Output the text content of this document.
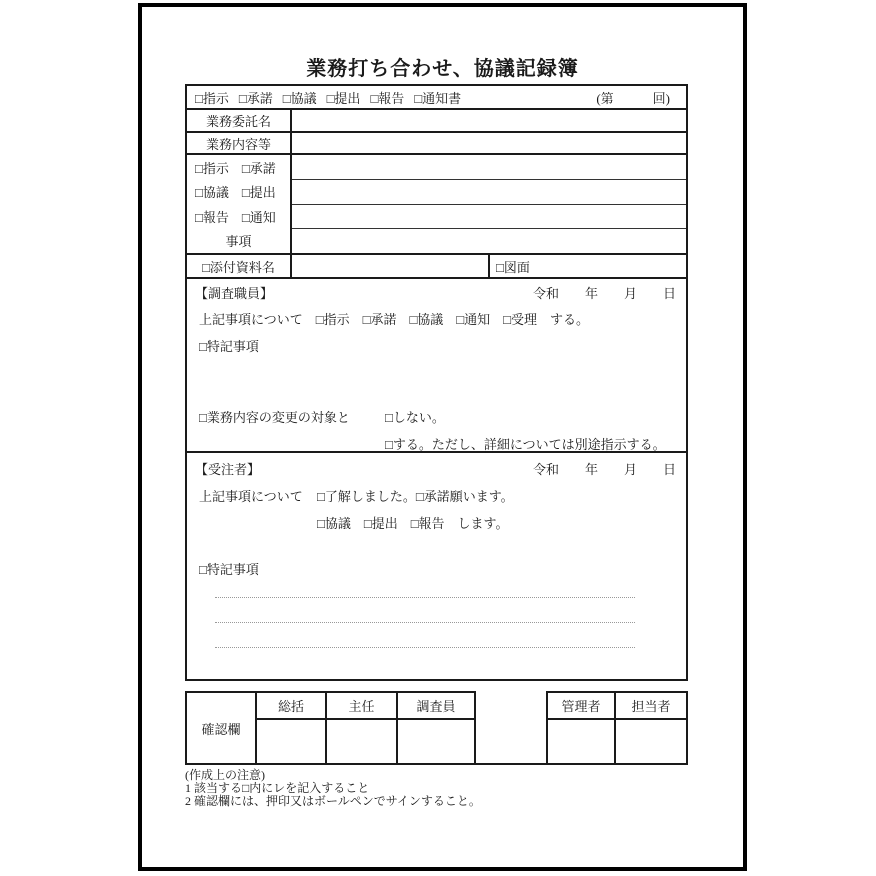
業務打ち合わせ、協議記録簿
□指示 □承諾 □協議 □提出 □報告 □通知書	(第　　　回)
業務委託名
業務内容等
□指示　□承諾
□協議　□提出
□報告　□通知
事項
□添付資料名	□図面
【調査職員】	令和　　年　　月　　日
上記事項について　□指示　□承諾　□協議　□通知　□受理　する。
□特記事項
□業務内容の変更の対象と	□しない。
□する。ただし、詳細については別途指示する。
【受注者】	令和　　年　　月　　日
上記事項について □了解しました。□承諾願います。
□協議　□提出　□報告　します。
□特記事項
確認欄
総括	主任	調査員	管理者	担当者
(作成上の注意)
1 該当する□内にレを記入すること
2 確認欄には、押印又はボールペンでサインすること。
